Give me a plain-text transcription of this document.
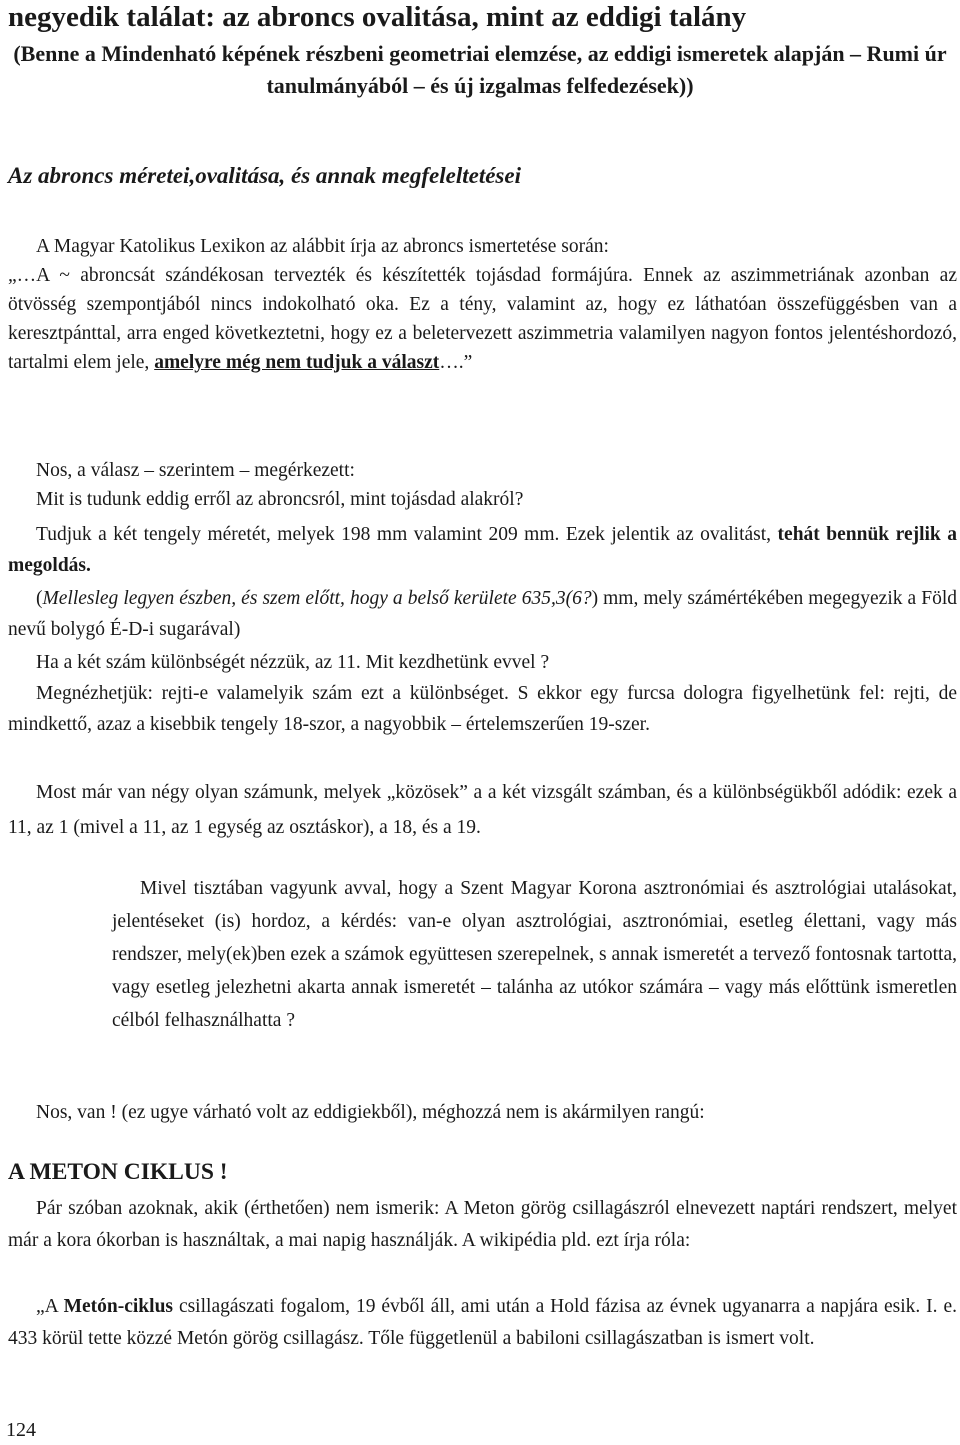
negyedik találat: az abroncs ovalitása, mint az eddigi talány

(Benne a Mindenható képének részbeni geometriai elemzése, az eddigi ismeretek alapján – Rumi úr tanulmányából – és új izgalmas felfedezések))

Az abroncs méretei,ovalitása, és annak megfeleltetései

A Magyar Katolikus Lexikon az alábbit írja az abroncs ismertetése során:

„…A ~ abroncsát szándékosan tervezték és készítették tojásdad formájúra. Ennek az aszimmetriának azonban az ötvösség szempontjából nincs indokolható oka. Ez a tény, valamint az, hogy ez láthatóan összefüggésben van a keresztpánttal, arra enged következtetni, hogy ez a beletervezett aszimmetria valamilyen nagyon fontos jelentéshordozó, tartalmi elem jele, amelyre még nem tudjuk a választ….”

Nos, a válasz – szerintem – megérkezett:

Mit is tudunk eddig erről az abroncsról, mint tojásdad alakról?

Tudjuk a két tengely méretét, melyek 198 mm valamint 209 mm. Ezek jelentik az ovalitást, tehát bennük rejlik a megoldás.

(Mellesleg legyen észben, és szem előtt, hogy a belső kerülete 635,3(6?) mm, mely számértékében megegyezik a Föld nevű bolygó É-D-i sugarával)

Ha a két szám különbségét nézzük, az 11. Mit kezdhetünk evvel ?

Megnézhetjük: rejti-e valamelyik szám ezt a különbséget. S ekkor egy furcsa dologra figyelhetünk fel: rejti, de mindkettő, azaz a kisebbik tengely 18-szor, a nagyobbik – értelemszerűen 19-szer.

Most már van négy olyan számunk, melyek „közösek” a a két vizsgált számban, és a különbségükből adódik: ezek a 11, az 1 (mivel a 11, az 1 egység az osztáskor), a 18, és a 19.

Mivel tisztában vagyunk avval, hogy a Szent Magyar Korona asztronómiai és asztrológiai utalásokat, jelentéseket (is) hordoz, a kérdés: van-e olyan asztrológiai, asztronómiai, esetleg élettani, vagy más rendszer, mely(ek)ben ezek a számok együttesen szerepelnek, s annak ismeretét a tervező fontosnak tartotta, vagy esetleg jelezhetni akarta annak ismeretét – talánha az utókor számára – vagy más előttünk ismeretlen célból felhasználhatta ?

Nos, van ! (ez ugye várható volt az eddigiekből), méghozzá nem is akármilyen rangú:

A METON CIKLUS !

Pár szóban azoknak, akik (érthetően) nem ismerik: A Meton görög csillagászról elnevezett naptári rendszert, melyet már a kora ókorban is használtak, a mai napig használják. A wikipédia pld. ezt írja róla:

„A Metón-ciklus csillagászati fogalom, 19 évből áll, ami után a Hold fázisa az évnek ugyanarra a napjára esik. I. e. 433 körül tette közzé Metón görög csillagász. Tőle függetlenül a babiloni csillagászatban is ismert volt.

124
